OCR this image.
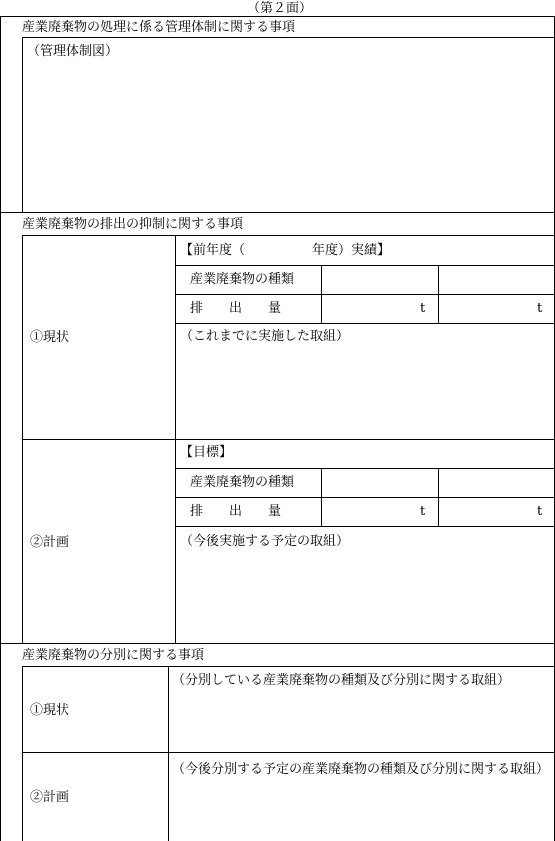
（第２面）
産業廃棄物の処理に係る管理体制に関する事項
（管理体制図）
産業廃棄物の排出の抑制に関する事項
①現状
【前年度（	年度）実績】
産業廃棄物の種類
排　　出　　量	t	t
（これまでに実施した取組）
②計画
【目標】
産業廃棄物の種類
排　　出　　量	t	t
（今後実施する予定の取組）
産業廃棄物の分別に関する事項
①現状
（分別している産業廃棄物の種類及び分別に関する取組）
②計画
（今後分別する予定の産業廃棄物の種類及び分別に関する取組）
